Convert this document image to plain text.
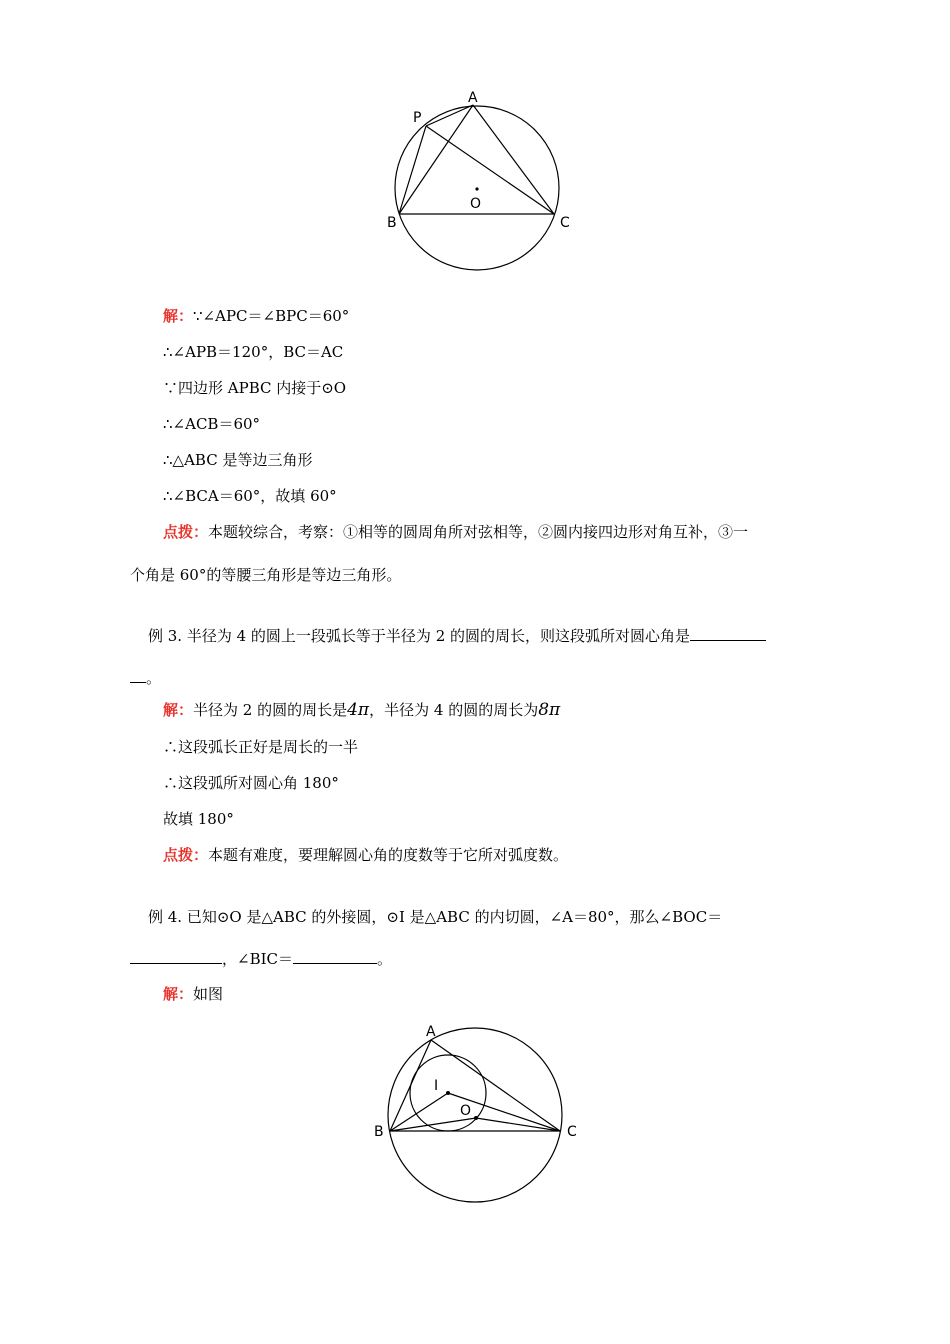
A
P
B	C
O
解：∵∠APC＝∠BPC＝60°
∴∠APB＝120°，BC＝AC
∵四边形 APBC 内接于⊙O
∴∠ACB＝60°
∴△ABC 是等边三角形
∴∠BCA＝60°，故填 60°
点拨：本题较综合，考察：①相等的圆周角所对弦相等，②圆内接四边形对角互补，③一
个角是 60°的等腰三角形是等边三角形。
例 3. 半径为 4 的圆上一段弧长等于半径为 2 的圆的周长，则这段弧所对圆心角是
。
解：半径为 2 的圆的周长是4π，半径为 4 的圆的周长为8π
∴这段弧长正好是周长的一半
∴这段弧所对圆心角 180°
故填 180°
点拨：本题有难度，要理解圆心角的度数等于它所对弧度数。
例 4. 已知⊙O 是△ABC 的外接圆，⊙I 是△ABC 的内切圆，∠A＝80°，那么∠BOC＝
，∠BIC＝	。
解：如图
A
I
O
B	C
